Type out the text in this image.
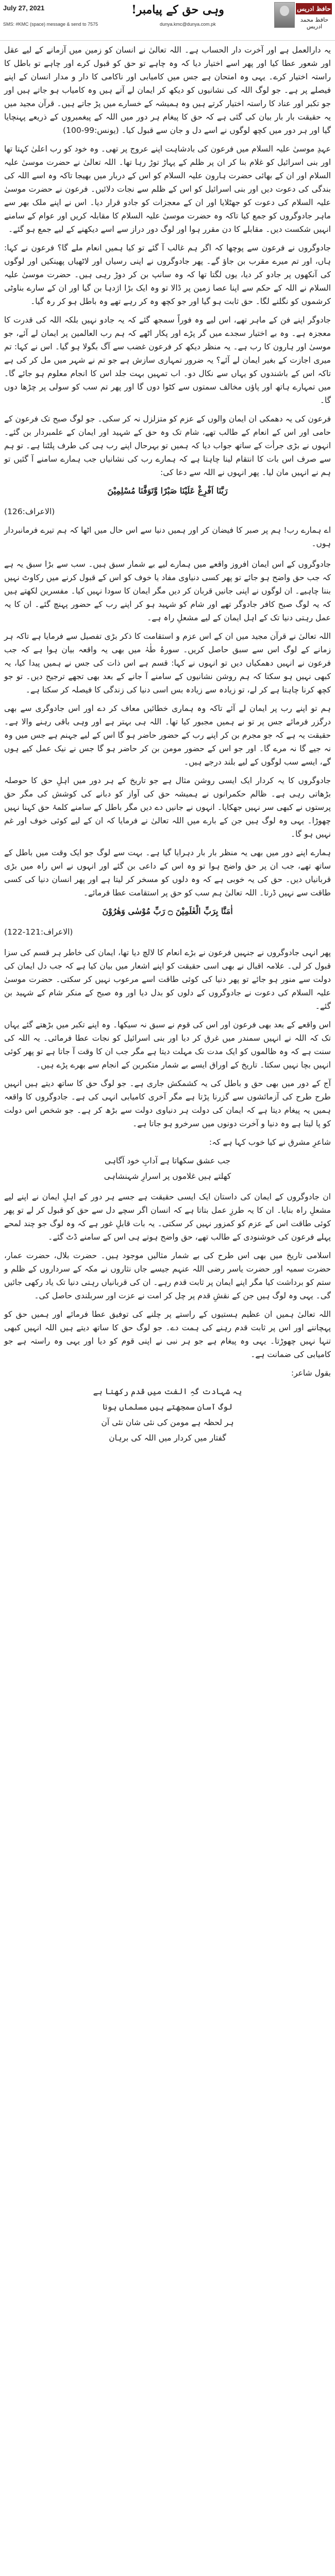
July 27, 2021
SMS: #KMC (space) message & send to 7575	dunya.kmc@dunya.com.pk
وہی حق کے پیامبر!	حافظ ادریس
حافظ محمد ادریس

یہ دارالعمل ہے اور آخرت دار الحساب ہے۔ اللہ تعالیٰ نے انسان کو زمین میں آزمانے کے لیے عقل اور شعور عطا کیا اور پھر اسے اختیار دیا کہ وہ چاہے تو حق کو قبول کرے اور چاہے تو باطل کا راستہ اختیار کرے۔ یہی وہ امتحان ہے جس میں کامیابی اور ناکامی کا دار و مدار انسان کے اپنے فیصلے پر ہے۔ جو لوگ اللہ کی نشانیوں کو دیکھ کر ایمان لے آتے ہیں وہ کامیاب ہو جاتے ہیں اور جو تکبر اور عناد کا راستہ اختیار کرتے ہیں وہ ہمیشہ کے خسارے میں پڑ جاتے ہیں۔ قرآن مجید میں یہ حقیقت بار بار بیان کی گئی ہے کہ حق کا پیغام ہر دور میں اللہ کے پیغمبروں کے ذریعے پہنچایا گیا اور ہر دور میں کچھ لوگوں نے اسے دل و جان سے قبول کیا۔ (یونس:99-100)

عہدِ موسیٰ علیہ السلام میں فرعون کی بادشاہت اپنے عروج پر تھی۔ وہ خود کو رب اعلیٰ کہتا تھا اور بنی اسرائیل کو غلام بنا کر ان پر ظلم کے پہاڑ توڑ رہا تھا۔ اللہ تعالیٰ نے حضرت موسیٰ علیہ السلام اور ان کے بھائی حضرت ہارون علیہ السلام کو اس کے دربار میں بھیجا تاکہ وہ اسے اللہ کی بندگی کی دعوت دیں اور بنی اسرائیل کو اس کے ظلم سے نجات دلائیں۔ فرعون نے حضرت موسیٰ علیہ السلام کی دعوت کو جھٹلایا اور ان کے معجزات کو جادو قرار دیا۔ اس نے اپنے ملک بھر سے ماہر جادوگروں کو جمع کیا تاکہ وہ حضرت موسیٰ علیہ السلام کا مقابلہ کریں اور عوام کے سامنے انہیں شکست دیں۔ مقابلے کا دن مقرر ہوا اور لوگ دور دراز سے اسے دیکھنے کے لیے جمع ہو گئے۔

جادوگروں نے فرعون سے پوچھا کہ اگر ہم غالب آ گئے تو کیا ہمیں انعام ملے گا؟ فرعون نے کہا: ہاں، اور تم میرے مقرب بن جاؤ گے۔ پھر جادوگروں نے اپنی رسیاں اور لاٹھیاں پھینکیں اور لوگوں کی آنکھوں پر جادو کر دیا، یوں لگتا تھا کہ وہ سانپ بن کر دوڑ رہی ہیں۔ حضرت موسیٰ علیہ السلام نے اللہ کے حکم سے اپنا عصا زمین پر ڈالا تو وہ ایک بڑا اژدہا بن گیا اور ان کے سارے بناوٹی کرشموں کو نگلنے لگا۔ حق ثابت ہو گیا اور جو کچھ وہ کر رہے تھے وہ باطل ہو کر رہ گیا۔

جادوگر اپنے فن کے ماہر تھے، اس لیے وہ فوراً سمجھ گئے کہ یہ جادو نہیں بلکہ اللہ کی قدرت کا معجزہ ہے۔ وہ بے اختیار سجدے میں گر پڑے اور پکار اٹھے کہ ہم رب العالمین پر ایمان لے آئے، جو موسیٰ اور ہارون کا رب ہے۔ یہ منظر دیکھ کر فرعون غضب سے آگ بگولا ہو گیا۔ اس نے کہا: تم میری اجازت کے بغیر ایمان لے آئے؟ یہ ضرور تمہاری سازش ہے جو تم نے شہر میں مل کر کی ہے تاکہ اس کے باشندوں کو یہاں سے نکال دو۔ اب تمہیں بہت جلد اس کا انجام معلوم ہو جائے گا۔ میں تمہارے ہاتھ اور پاؤں مخالف سمتوں سے کٹوا دوں گا اور پھر تم سب کو سولی پر چڑھا دوں گا۔

فرعون کی یہ دھمکی ان ایمان والوں کے عزم کو متزلزل نہ کر سکی۔ جو لوگ صبح تک فرعون کے حامی اور اس کے انعام کے طالب تھے، شام تک وہ حق کے شہید اور ایمان کے علمبردار بن گئے۔ انہوں نے بڑی جرأت کے ساتھ جواب دیا کہ ہمیں تو بہرحال اپنے رب ہی کی طرف پلٹنا ہے۔ تو ہم سے صرف اس بات کا انتقام لینا چاہتا ہے کہ ہمارے رب کی نشانیاں جب ہمارے سامنے آ گئیں تو ہم نے انہیں مان لیا۔ پھر انہوں نے اللہ سے دعا کی:

رَبَّنَا اَفْرِغْ عَلَيْنَا صَبْرًا وَّتَوَفَّنَا مُسْلِمِيْنَ

(الاعراف:126)

اے ہمارے رب! ہم پر صبر کا فیضان کر اور ہمیں دنیا سے اس حال میں اٹھا کہ ہم تیرے فرمانبردار ہوں۔

جادوگروں کے اس ایمان افروز واقعے میں ہمارے لیے بے شمار سبق ہیں۔ سب سے بڑا سبق یہ ہے کہ جب حق واضح ہو جائے تو پھر کسی دنیاوی مفاد یا خوف کو اس کے قبول کرنے میں رکاوٹ نہیں بننا چاہیے۔ ان لوگوں نے اپنی جانیں قربان کر دیں مگر ایمان کا سودا نہیں کیا۔ مفسرین لکھتے ہیں کہ یہ لوگ صبح کافر جادوگر تھے اور شام کو شہید ہو کر اپنے رب کے حضور پہنچ گئے۔ ان کا یہ عمل رہتی دنیا تک کے اہل ایمان کے لیے مشعلِ راہ ہے۔

اللہ تعالیٰ نے قرآن مجید میں ان کے اس عزم و استقامت کا ذکر بڑی تفصیل سے فرمایا ہے تاکہ ہر زمانے کے لوگ اس سے سبق حاصل کریں۔ سورۂ طٰہٰ میں بھی یہ واقعہ بیان ہوا ہے کہ جب فرعون نے انہیں دھمکیاں دیں تو انہوں نے کہا: قسم ہے اس ذات کی جس نے ہمیں پیدا کیا، یہ کبھی نہیں ہو سکتا کہ ہم روشن نشانیوں کے سامنے آ جانے کے بعد بھی تجھے ترجیح دیں۔ تو جو کچھ کرنا چاہتا ہے کر لے، تو زیادہ سے زیادہ بس اسی دنیا کی زندگی کا فیصلہ کر سکتا ہے۔

ہم تو اپنے رب پر ایمان لے آئے تاکہ وہ ہماری خطائیں معاف کر دے اور اس جادوگری سے بھی درگزر فرمائے جس پر تو نے ہمیں مجبور کیا تھا۔ اللہ ہی بہتر ہے اور وہی باقی رہنے والا ہے۔ حقیقت یہ ہے کہ جو مجرم بن کر اپنے رب کے حضور حاضر ہو گا اس کے لیے جہنم ہے جس میں وہ نہ جیے گا نہ مرے گا۔ اور جو اس کے حضور مومن بن کر حاضر ہو گا جس نے نیک عمل کیے ہوں گے، ایسے سب لوگوں کے لیے بلند درجے ہیں۔

جادوگروں کا یہ کردار ایک ایسی روشن مثال ہے جو تاریخ کے ہر دور میں اہلِ حق کا حوصلہ بڑھاتی رہی ہے۔ ظالم حکمرانوں نے ہمیشہ حق کی آواز کو دبانے کی کوشش کی مگر حق پرستوں نے کبھی سر نہیں جھکایا۔ انہوں نے جانیں دے دیں مگر باطل کے سامنے کلمۂ حق کہنا نہیں چھوڑا۔ یہی وہ لوگ ہیں جن کے بارے میں اللہ تعالیٰ نے فرمایا کہ ان کے لیے کوئی خوف اور غم نہیں ہو گا۔

ہمارے اپنے دور میں بھی یہ منظر بار بار دہرایا گیا ہے۔ بہت سے لوگ جو ایک وقت میں باطل کے ساتھ تھے، جب ان پر حق واضح ہوا تو وہ اس کے داعی بن گئے اور انہوں نے اس راہ میں بڑی قربانیاں دیں۔ حق کی یہ خوبی ہے کہ وہ دلوں کو مسخر کر لیتا ہے اور پھر انسان دنیا کی کسی طاقت سے نہیں ڈرتا۔ اللہ تعالیٰ ہم سب کو حق پر استقامت عطا فرمائے۔

اٰمَنَّا بِرَبِّ الْعٰلَمِيْنَ ۝ رَبِّ مُوْسٰى وَهٰرُوْنَ

(الاعراف:121-122)

پھر انہی جادوگروں نے جنہیں فرعون نے بڑے انعام کا لالچ دیا تھا، ایمان کی خاطر ہر قسم کی سزا قبول کر لی۔ علامہ اقبال نے بھی اسی حقیقت کو اپنے اشعار میں بیان کیا ہے کہ جب دل ایمان کی دولت سے منور ہو جائے تو پھر دنیا کی کوئی طاقت اسے مرعوب نہیں کر سکتی۔ حضرت موسیٰ علیہ السلام کی دعوت نے جادوگروں کے دلوں کو بدل دیا اور وہ صبح کے منکر شام کے شہید بن گئے۔

اس واقعے کے بعد بھی فرعون اور اس کی قوم نے سبق نہ سیکھا۔ وہ اپنے تکبر میں بڑھتے گئے یہاں تک کہ اللہ نے انہیں سمندر میں غرق کر دیا اور بنی اسرائیل کو نجات عطا فرمائی۔ یہ اللہ کی سنت ہے کہ وہ ظالموں کو ایک مدت تک مہلت دیتا ہے مگر جب ان کا وقت آ جاتا ہے تو پھر کوئی انہیں بچا نہیں سکتا۔ تاریخ کے اوراق ایسے بے شمار متکبرین کے انجام سے بھرے پڑے ہیں۔

آج کے دور میں بھی حق و باطل کی یہ کشمکش جاری ہے۔ جو لوگ حق کا ساتھ دیتے ہیں انہیں طرح طرح کی آزمائشوں سے گزرنا پڑتا ہے مگر آخری کامیابی انہی کی ہے۔ جادوگروں کا واقعہ ہمیں یہ پیغام دیتا ہے کہ ایمان کی دولت ہر دنیاوی دولت سے بڑھ کر ہے۔ جو شخص اس دولت کو پا لیتا ہے وہ دنیا و آخرت دونوں میں سرخرو ہو جاتا ہے۔

شاعرِ مشرق نے کیا خوب کہا ہے کہ:

جب عشق سکھاتا ہے آدابِ خود آگاہی

کھلتے ہیں غلاموں پر اسرارِ شہنشاہی

ان جادوگروں کے ایمان کی داستان ایک ایسی حقیقت ہے جسے ہر دور کے اہلِ ایمان نے اپنے لیے مشعلِ راہ بنایا۔ ان کا یہ طرزِ عمل بتاتا ہے کہ انسان اگر سچے دل سے حق کو قبول کر لے تو پھر کوئی طاقت اس کے عزم کو کمزور نہیں کر سکتی۔ یہ بات قابلِ غور ہے کہ وہ لوگ جو چند لمحے پہلے فرعون کی خوشنودی کے طالب تھے، حق واضح ہوتے ہی اس کے سامنے ڈٹ گئے۔

اسلامی تاریخ میں بھی اس طرح کی بے شمار مثالیں موجود ہیں۔ حضرت بلال، حضرت عمار، حضرت سمیہ اور حضرت یاسر رضی اللہ عنہم جیسے جاں نثاروں نے مکہ کے سرداروں کے ظلم و ستم کو برداشت کیا مگر اپنے ایمان پر ثابت قدم رہے۔ ان کی قربانیاں رہتی دنیا تک یاد رکھی جائیں گی۔ یہی وہ لوگ ہیں جن کے نقشِ قدم پر چل کر امت نے عزت اور سربلندی حاصل کی۔

اللہ تعالیٰ ہمیں ان عظیم ہستیوں کے راستے پر چلنے کی توفیق عطا فرمائے اور ہمیں حق کو پہچاننے اور اس پر ثابت قدم رہنے کی ہمت دے۔ جو لوگ حق کا ساتھ دیتے ہیں اللہ انہیں کبھی تنہا نہیں چھوڑتا۔ یہی وہ پیغام ہے جو ہر نبی نے اپنی قوم کو دیا اور یہی وہ راستہ ہے جو کامیابی کی ضمانت ہے۔

بقول شاعر:

یہ شہادت گہِ الفت میں قدم رکھنا ہے

لوگ آسان سمجھتے ہیں مسلماں ہونا

ہر لحظہ ہے مومن کی نئی شان نئی آن

گفتار میں کردار میں اللہ کی برہان
